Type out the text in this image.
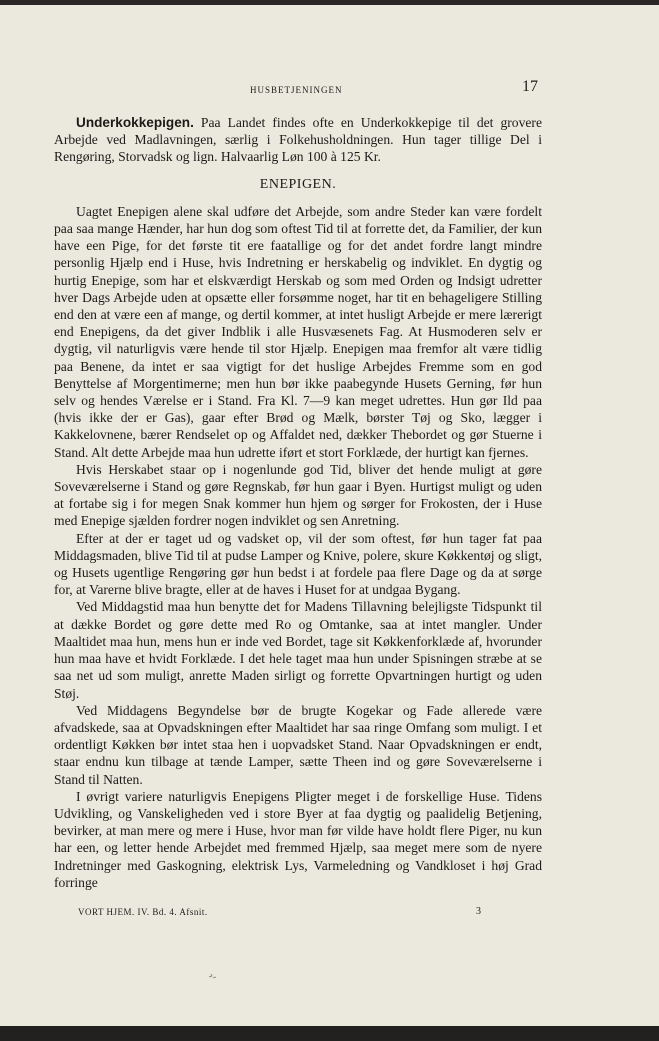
HUSBETJENINGEN	17

Underkokkepigen. Paa Landet findes ofte en Underkokkepige til det grovere Arbejde ved Madlavningen, særlig i Folkehusholdningen. Hun tager tillige Del i Rengøring, Storvadsk og lign. Halvaarlig Løn 100 à 125 Kr.

ENEPIGEN.

Uagtet Enepigen alene skal udføre det Arbejde, som andre Steder kan være fordelt paa saa mange Hænder, har hun dog som oftest Tid til at forrette det, da Familier, der kun have een Pige, for det første tit ere faatallige og for det andet fordre langt mindre personlig Hjælp end i Huse, hvis Indretning er herskabelig og indviklet. En dygtig og hurtig Enepige, som har et elskværdigt Herskab og som med Orden og Indsigt udretter hver Dags Arbejde uden at opsætte eller forsømme noget, har tit en behageligere Stilling end den at være een af mange, og dertil kommer, at intet husligt Arbejde er mere lærerigt end Enepigens, da det giver Indblik i alle Husvæsenets Fag. At Husmoderen selv er dygtig, vil naturligvis være hende til stor Hjælp. Enepigen maa fremfor alt være tidlig paa Benene, da intet er saa vigtigt for det huslige Arbejdes Fremme som en god Benyttelse af Morgentimerne; men hun bør ikke paabegynde Husets Gerning, før hun selv og hendes Værelse er i Stand. Fra Kl. 7—9 kan meget udrettes. Hun gør Ild paa (hvis ikke der er Gas), gaar efter Brød og Mælk, børster Tøj og Sko, lægger i Kakkelovnene, bærer Rendselet op og Affaldet ned, dækker Thebordet og gør Stuerne i Stand. Alt dette Arbejde maa hun udrette iført et stort Forklæde, der hurtigt kan fjernes.

Hvis Herskabet staar op i nogenlunde god Tid, bliver det hende muligt at gøre Soveværelserne i Stand og gøre Regnskab, før hun gaar i Byen. Hurtigst muligt og uden at fortabe sig i for megen Snak kommer hun hjem og sørger for Frokosten, der i Huse med Enepige sjælden fordrer nogen indviklet og sen Anretning.

Efter at der er taget ud og vadsket op, vil der som oftest, før hun tager fat paa Middagsmaden, blive Tid til at pudse Lamper og Knive, polere, skure Køkkentøj og sligt, og Husets ugentlige Rengøring gør hun bedst i at fordele paa flere Dage og da at sørge for, at Varerne blive bragte, eller at de haves i Huset for at undgaa Bygang.

Ved Middagstid maa hun benytte det for Madens Tillavning belejligste Tidspunkt til at dække Bordet og gøre dette med Ro og Omtanke, saa at intet mangler. Under Maaltidet maa hun, mens hun er inde ved Bordet, tage sit Køkkenforklæde af, hvorunder hun maa have et hvidt Forklæde. I det hele taget maa hun under Spisningen stræbe at se saa net ud som muligt, anrette Maden sirligt og forrette Opvartningen hurtigt og uden Støj.

Ved Middagens Begyndelse bør de brugte Kogekar og Fade allerede være afvadskede, saa at Opvadskningen efter Maaltidet har saa ringe Omfang som muligt. I et ordentligt Køkken bør intet staa hen i uopvadsket Stand. Naar Opvadskningen er endt, staar endnu kun tilbage at tænde Lamper, sætte Theen ind og gøre Soveværelserne i Stand til Natten.

I øvrigt variere naturligvis Enepigens Pligter meget i de forskellige Huse. Tidens Udvikling, og Vanskeligheden ved i store Byer at faa dygtig og paalidelig Betjening, bevirker, at man mere og mere i Huse, hvor man før vilde have holdt flere Piger, nu kun har een, og letter hende Arbejdet med fremmed Hjælp, saa meget mere som de nyere Indretninger med Gaskogning, elektrisk Lys, Varmeledning og Vandkloset i høj Grad forringe

VORT HJEM. IV. Bd. 4. Afsnit.	3
